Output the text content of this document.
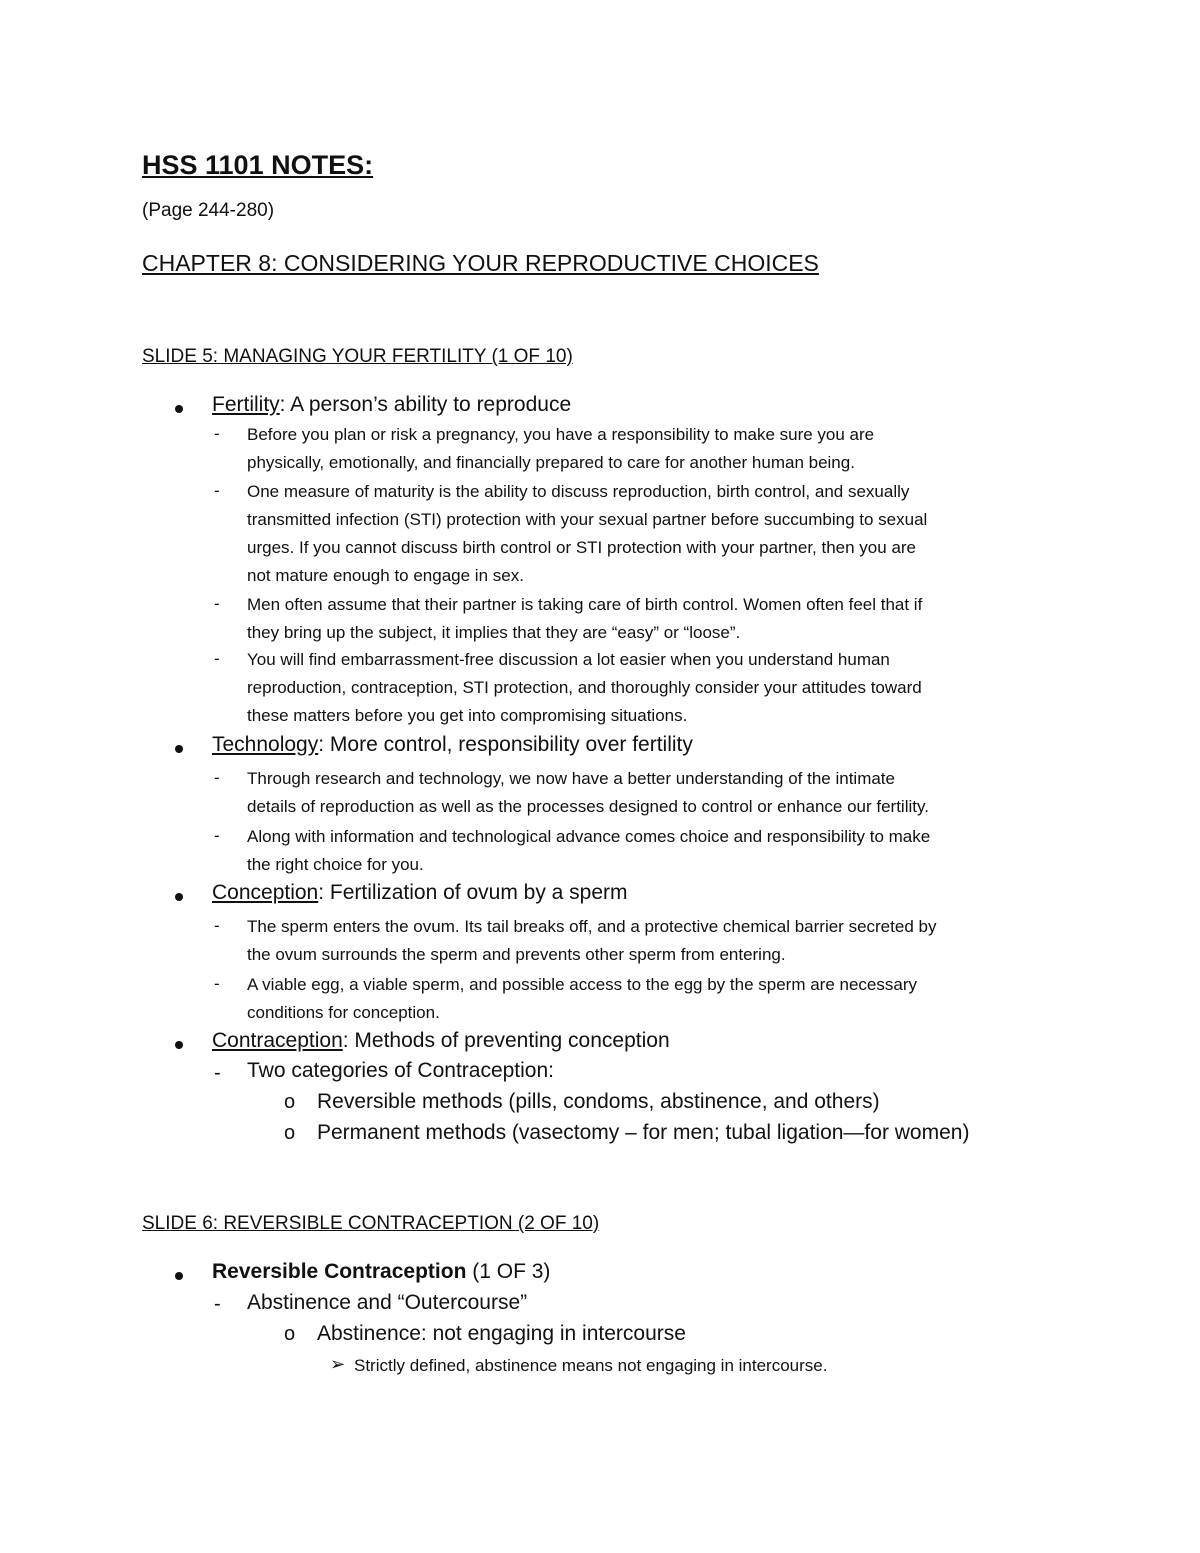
HSS 1101 NOTES:
(Page 244-280)
CHAPTER 8: CONSIDERING YOUR REPRODUCTIVE CHOICES
SLIDE 5: MANAGING YOUR FERTILITY (1 OF 10)
Fertility: A person’s ability to reproduce
- Before you plan or risk a pregnancy, you have a responsibility to make sure you are
physically, emotionally, and financially prepared to care for another human being.
- One measure of maturity is the ability to discuss reproduction, birth control, and sexually
transmitted infection (STI) protection with your sexual partner before succumbing to sexual
urges. If you cannot discuss birth control or STI protection with your partner, then you are
not mature enough to engage in sex.
- Men often assume that their partner is taking care of birth control. Women often feel that if
they bring up the subject, it implies that they are “easy” or “loose”.
- You will find embarrassment-free discussion a lot easier when you understand human
reproduction, contraception, STI protection, and thoroughly consider your attitudes toward
these matters before you get into compromising situations.
Technology: More control, responsibility over fertility
- Through research and technology, we now have a better understanding of the intimate
details of reproduction as well as the processes designed to control or enhance our fertility.
- Along with information and technological advance comes choice and responsibility to make
the right choice for you.
Conception: Fertilization of ovum by a sperm
- The sperm enters the ovum. Its tail breaks off, and a protective chemical barrier secreted by
the ovum surrounds the sperm and prevents other sperm from entering.
- A viable egg, a viable sperm, and possible access to the egg by the sperm are necessary
conditions for conception.
Contraception: Methods of preventing conception
- Two categories of Contraception:
o Reversible methods (pills, condoms, abstinence, and others)
o Permanent methods (vasectomy – for men; tubal ligation—for women)
SLIDE 6: REVERSIBLE CONTRACEPTION (2 OF 10)
Reversible Contraception (1 OF 3)
- Abstinence and “Outercourse”
o Abstinence: not engaging in intercourse
➢ Strictly defined, abstinence means not engaging in intercourse.
